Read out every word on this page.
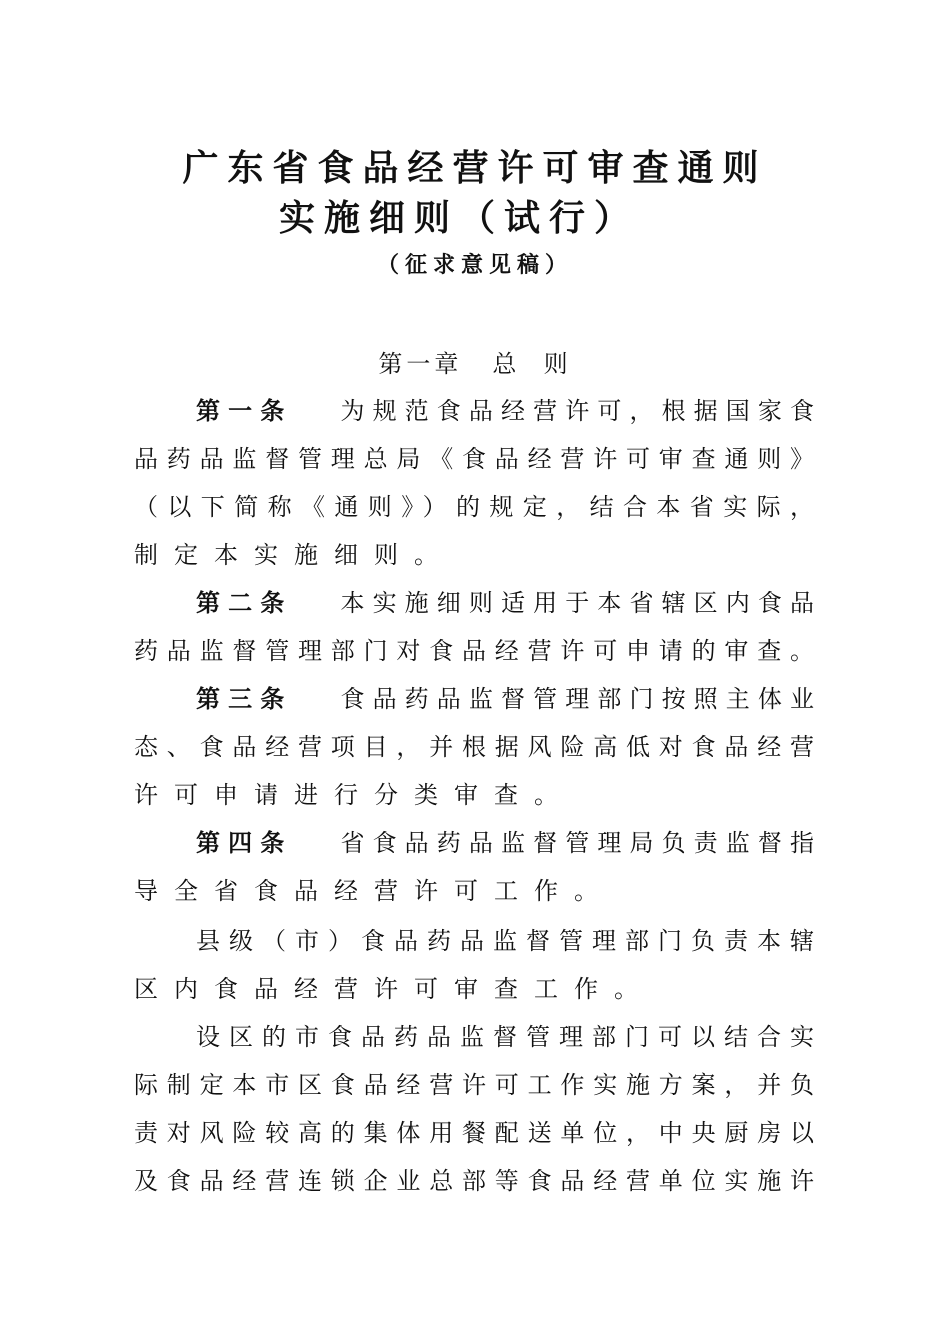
广东省食品经营许可审查通则
实施细则（试行）
（征求意见稿）
第一章 总  则
第一条 为规范食品经营许可，根据国家食
品药品监督管理总局《食品经营许可审查通则》
（以下简称《通则》）的规定，结合本省实际，
制定本实施细则。
第二条 本实施细则适用于本省辖区内食品
药品监督管理部门对食品经营许可申请的审查。
第三条 食品药品监督管理部门按照主体业
态、食品经营项目，并根据风险高低对食品经营
许可申请进行分类审查。
第四条 省食品药品监督管理局负责监督指
导全省食品经营许可工作。
县级（市）食品药品监督管理部门负责本辖
区内食品经营许可审查工作。
设区的市食品药品监督管理部门可以结合实
际制定本市区食品经营许可工作实施方案，并负
责对风险较高的集体用餐配送单位，中央厨房以
及食品经营连锁企业总部等食品经营单位实施许
